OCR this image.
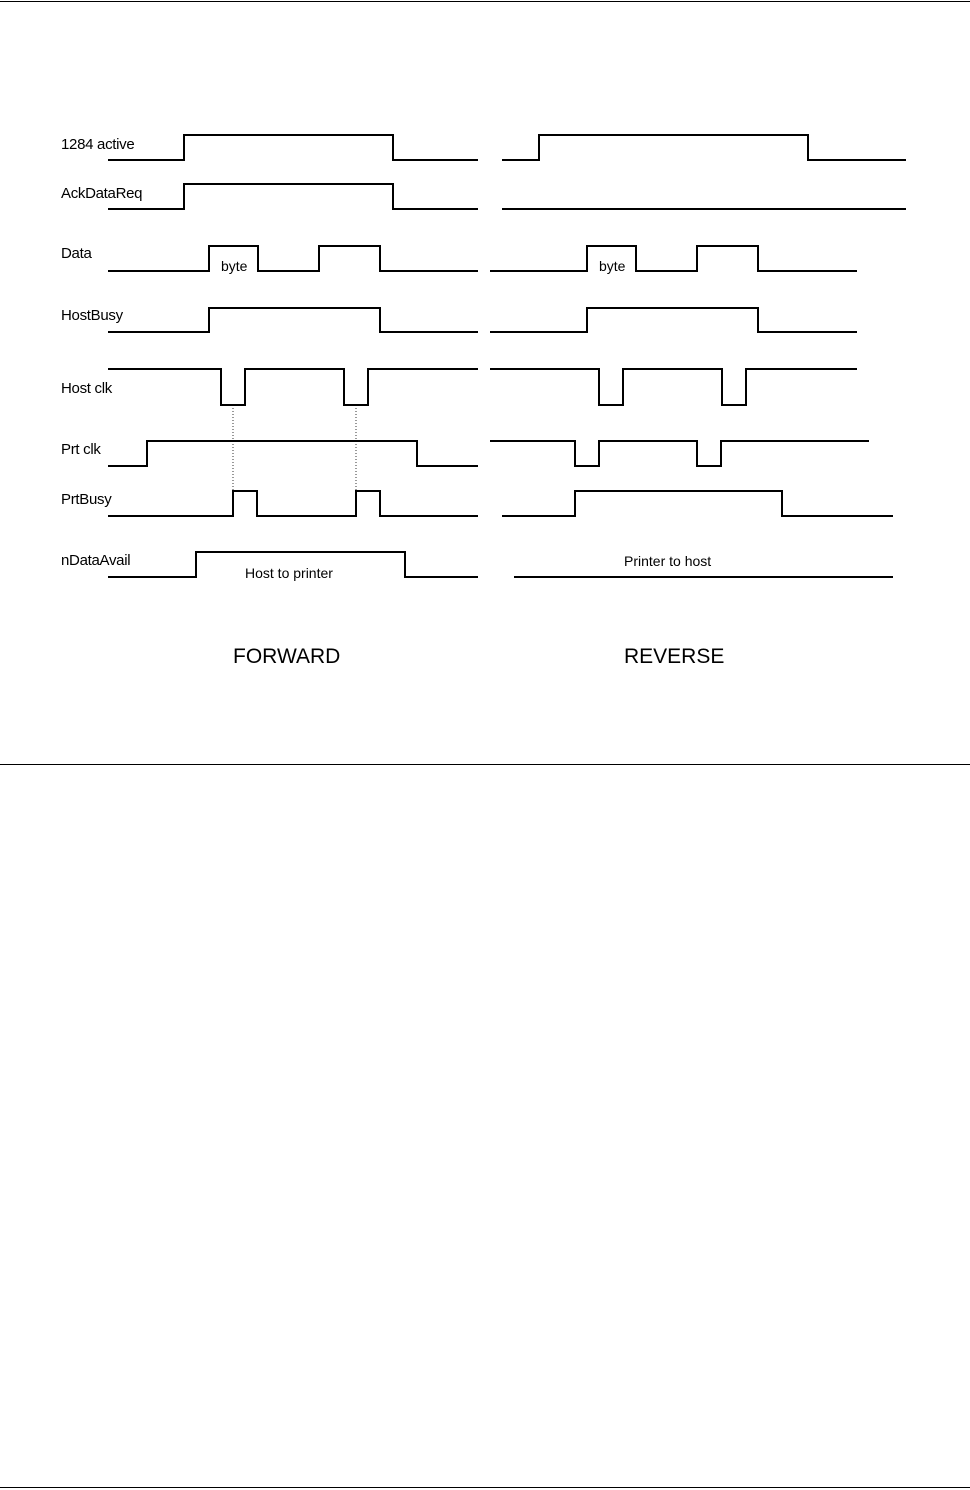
1284 active
AckDataReq
Data
HostBusy
Host clk
Prt clk
PrtBusy
nDataAvail
byte
Host to printer
byte
Printer to host
FORWARD	REVERSE
